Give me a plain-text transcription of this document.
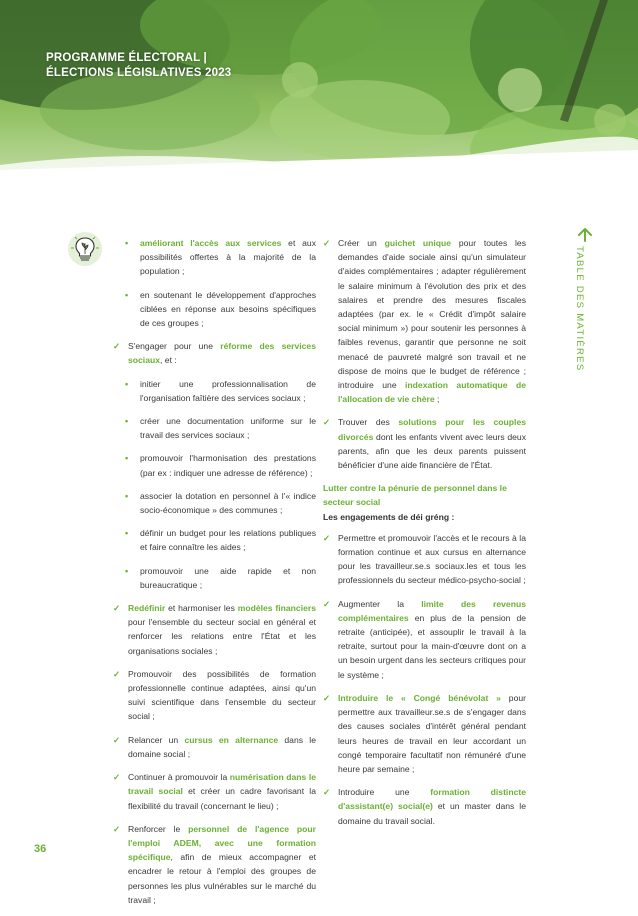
PROGRAMME ÉLECTORAL |
ÉLECTIONS LÉGISLATIVES 2023
TABLE DES MATIÈRES
• améliorant l'accès aux services et aux possibilités offertes à la majorité de la population ;
• en soutenant le développement d'approches ciblées en réponse aux besoins spécifiques de ces groupes ;
✓ S'engager pour une réforme des services sociaux, et :
• initier une professionnalisation de l'organisation faîtière des services sociaux ;
• créer une documentation uniforme sur le travail des services sociaux ;
• promouvoir l'harmonisation des prestations (par ex : indiquer une adresse de référence) ;
• associer la dotation en personnel à l'« indice socio-économique » des communes ;
• définir un budget pour les relations publiques et faire connaître les aides ;
• promouvoir une aide rapide et non bureaucratique ;
✓ Redéfinir et harmoniser les modèles financiers pour l'ensemble du secteur social en général et renforcer les relations entre l'État et les organisations sociales ;
✓ Promouvoir des possibilités de formation professionnelle continue adaptées, ainsi qu'un suivi scientifique dans l'ensemble du secteur social ;
✓ Relancer un cursus en alternance dans le domaine social ;
✓ Continuer à promouvoir la numérisation dans le travail social et créer un cadre favorisant la flexibilité du travail (concernant le lieu) ;
✓ Renforcer le personnel de l'agence pour l'emploi ADEM, avec une formation spécifique, afin de mieux accompagner et encadrer le retour à l'emploi des groupes de personnes les plus vulnérables sur le marché du travail ;
✓ Créer un guichet unique pour toutes les demandes d'aide sociale ainsi qu'un simulateur d'aides complémentaires ; adapter régulièrement le salaire minimum à l'évolution des prix et des salaires et prendre des mesures fiscales adaptées (par ex. le « Crédit d'impôt salaire social minimum ») pour soutenir les personnes à faibles revenus, garantir que personne ne soit menacé de pauvreté malgré son travail et ne dispose de moins que le budget de référence ; introduire une indexation automatique de l'allocation de vie chère ;
✓ Trouver des solutions pour les couples divorcés dont les enfants vivent avec leurs deux parents, afin que les deux parents puissent bénéficier d'une aide financière de l'État.
Lutter contre la pénurie de personnel dans le secteur social
Les engagements de déi gréng :
✓ Permettre et promouvoir l'accès et le recours à la formation continue et aux cursus en alternance pour les travailleur.se.s sociaux.les et tous les professionnels du secteur médico-psycho-social ;
✓ Augmenter la limite des revenus complémentaires en plus de la pension de retraite (anticipée), et assouplir le travail à la retraite, surtout pour la main-d'œuvre dont on a un besoin urgent dans les secteurs critiques pour le système ;
✓ Introduire le « Congé bénévolat » pour permettre aux travailleur.se.s de s'engager dans des causes sociales d'intérêt général pendant leurs heures de travail en leur accordant un congé temporaire facultatif non rémunéré d'une heure par semaine ;
✓ Introduire une formation distincte d'assistant(e) social(e) et un master dans le domaine du travail social.
36
